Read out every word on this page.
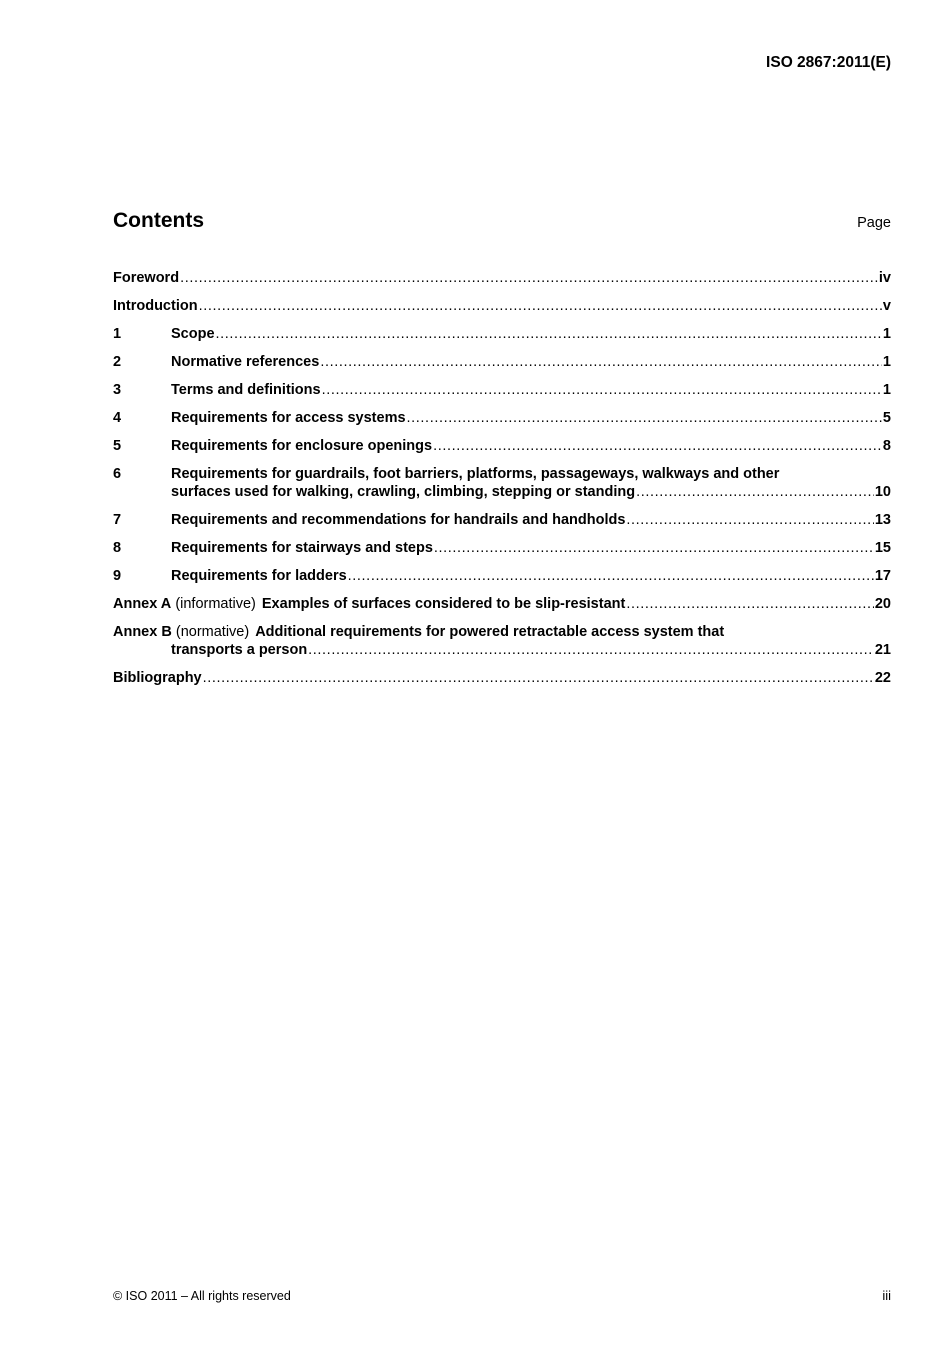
ISO 2867:2011(E)
Contents	Page
Foreword .....	iv
Introduction .....	v
1	Scope .....	1
2	Normative references .....	1
3	Terms and definitions .....	1
4	Requirements for access systems .....	5
5	Requirements for enclosure openings .....	8
6	Requirements for guardrails, foot barriers, platforms, passageways, walkways and other
surfaces used for walking, crawling, climbing, stepping or standing .....	10
7	Requirements and recommendations for handrails and handholds .....	13
8	Requirements for stairways and steps .....	15
9	Requirements for ladders .....	17
Annex A
(informative) Examples of surfaces considered to be slip-resistant .....	20
Annex B
(normative) Additional requirements for powered retractable access system that
transports a person .....	21
Bibliography .....	22
© ISO 2011 – All rights reserved	iii
